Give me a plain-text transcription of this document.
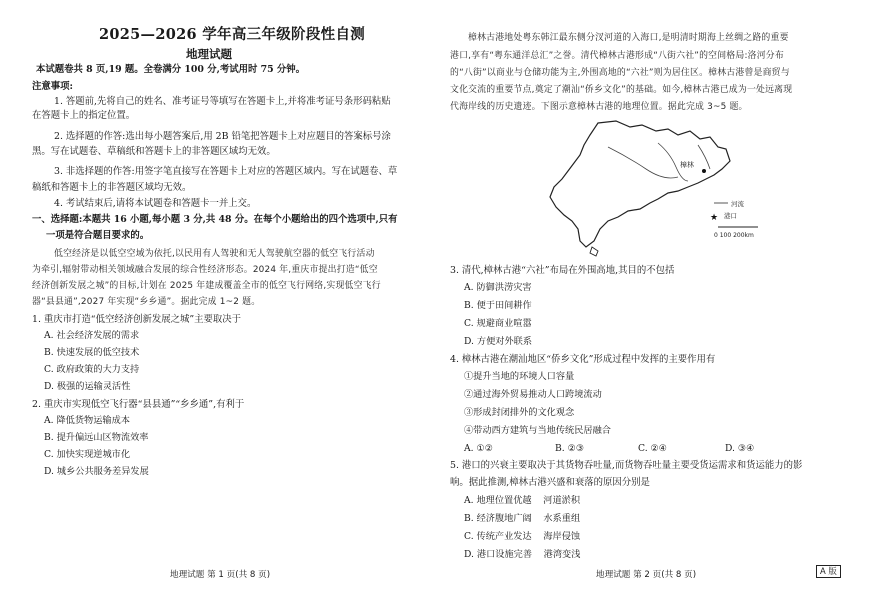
2025—2026 学年高三年级阶段性自测
地理试题
本试题卷共 8 页,19 题。全卷满分 100 分,考试用时 75 分钟。
注意事项:
1. 答题前,先将自己的姓名、准考证号等填写在答题卡上,并将准考证号条形码粘贴
在答题卡上的指定位置。
2. 选择题的作答:选出每小题答案后,用 2B 铅笔把答题卡上对应题目的答案标号涂
黑。写在试题卷、草稿纸和答题卡上的非答题区域均无效。
3. 非选择题的作答:用签字笔直接写在答题卡上对应的答题区域内。写在试题卷、草
稿纸和答题卡上的非答题区域均无效。
4. 考试结束后,请将本试题卷和答题卡一并上交。
一、选择题:本题共 16 小题,每小题 3 分,共 48 分。在每个小题给出的四个选项中,只有
一项是符合题目要求的。
低空经济是以低空空域为依托,以民用有人驾驶和无人驾驶航空器的低空飞行活动
为牵引,辐射带动相关领域融合发展的综合性经济形态。2024 年,重庆市提出打造“低空
经济创新发展之城”的目标,计划在 2025 年建成覆盖全市的低空飞行网络,实现低空飞行
器“县县通”,2027 年实现“乡乡通”。据此完成 1~2 题。
1. 重庆市打造“低空经济创新发展之城”主要取决于
A. 社会经济发展的需求
B. 快速发展的低空技术
C. 政府政策的大力支持
D. 极强的运输灵活性
2. 重庆市实现低空飞行器“县县通”“乡乡通”,有利于
A. 降低货物运输成本
B. 提升偏远山区物流效率
C. 加快实现逆城市化
D. 城乡公共服务差异发展
地理试题 第 1 页(共 8 页)
樟林古港地处粤东韩江最东侧分汊河道的入海口,是明清时期海上丝绸之路的重要
港口,享有“粤东通洋总汇”之誉。清代樟林古港形成“八街六社”的空间格局:洛河分布
的“八街”以商业与仓储功能为主,外围高地的“六社”则为居住区。樟林古港曾是商贸与
文化交流的重要节点,奠定了潮汕“侨乡文化”的基础。如今,樟林古港已成为一处远离现
代海岸线的历史遗迹。下图示意樟林古港的地理位置。据此完成 3~5 题。
3. 清代,樟林古港“六社”布局在外围高地,其目的不包括
A. 防御洪涝灾害
B. 便于田间耕作
C. 规避商业喧嚣
D. 方便对外联系
4. 樟林古港在潮汕地区“侨乡文化”形成过程中发挥的主要作用有
①提升当地的环境人口容量
②通过海外贸易推动人口跨境流动
③形成封闭排外的文化观念
④带动西方建筑与当地传统民居融合
A. ①②	B. ②③	C. ②④	D. ③④
5. 港口的兴衰主要取决于其货物吞吐量,而货物吞吐量主要受货运需求和货运能力的影
响。据此推测,樟林古港兴盛和衰落的原因分别是
A. 地理位置优越    河道淤积
B. 经济腹地广阔    水系重组
C. 传统产业发达    海岸侵蚀
D. 港口设施完善    港湾变浅
地理试题 第 2 页(共 8 页)	A 版
樟林
河流
★ 港口
0 100 200km
